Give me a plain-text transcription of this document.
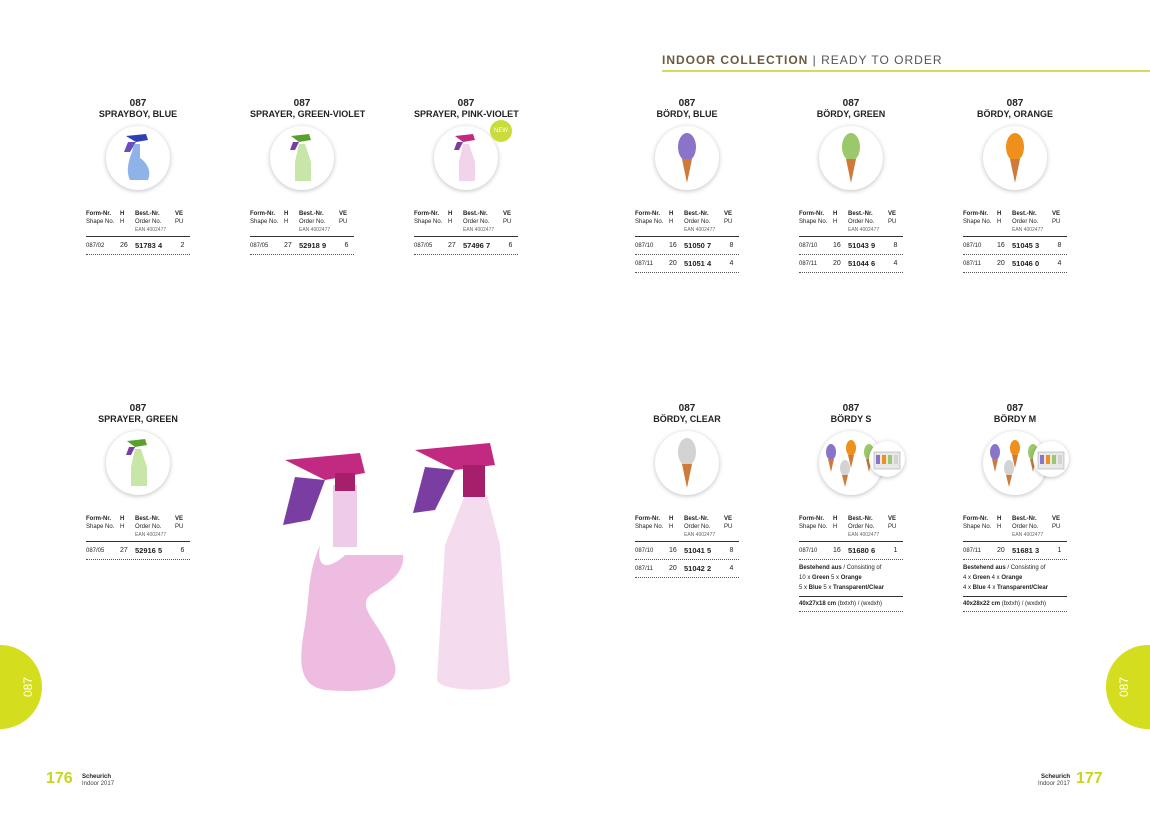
INDOOR COLLECTION | READY TO ORDER
087
SPRAYBOY, BLUE
Form-Nr.
Shape No.
H
H
Best.-Nr.
Order No.
VE
PU
EAN 4002477
087/02	26 51783 4	2
087
SPRAYER, GREEN-VIOLET
Form-Nr.
Shape No.
H
H
Best.-Nr.
Order No.
VE
PU
EAN 4002477
087/05	27 52918 9	6
087
SPRAYER, PINK-VIOLET
NEW
Form-Nr.
Shape No.
H
H
Best.-Nr.
Order No.
VE
PU
EAN 4002477
087/05	27 57496 7	6
087
BÖRDY, BLUE
Form-Nr.
Shape No.
H
H
Best.-Nr.
Order No.
VE
PU
EAN 4002477
087/10	16 51050 7	8
087/11	20 51051 4	4
087
BÖRDY, GREEN
Form-Nr.
Shape No.
H
H
Best.-Nr.
Order No.
VE
PU
EAN 4002477
087/10	16 51043 9	8
087/11	20 51044 6	4
087
BÖRDY, ORANGE
Form-Nr.
Shape No.
H
H
Best.-Nr.
Order No.
VE
PU
EAN 4002477
087/10	16 51045 3	8
087/11	20 51046 0	4
087
SPRAYER, GREEN
Form-Nr.
Shape No.
H
H
Best.-Nr.
Order No.
VE
PU
EAN 4002477
087/05	27 52916 5	6
087
BÖRDY, CLEAR
Form-Nr.
Shape No.
H
H
Best.-Nr.
Order No.
VE
PU
EAN 4002477
087/10	16 51041 5	8
087/11	20 51042 2	4
087
BÖRDY S
Form-Nr.
Shape No.
H
H
Best.-Nr.
Order No.
VE
PU
EAN 4002477
087/10	16 51680 6	1
Bestehend aus / Consisting of
10 x Green 5 x Orange
5 x Blue 5 x Transparent/Clear

40x27x18 cm (bxtxh) / (wxdxh)
087
BÖRDY M
Form-Nr.
Shape No.
H
H
Best.-Nr.
Order No.
VE
PU
EAN 4002477
087/11	20 51681 3	1
Bestehend aus / Consisting of
4 x Green 4 x Orange
4 x Blue 4 x Transparent/Clear

40x28x22 cm (bxtxh) / (wxdxh)
087	087
176 Scheurich
Indoor 2017
Scheurich
Indoor 2017 177
